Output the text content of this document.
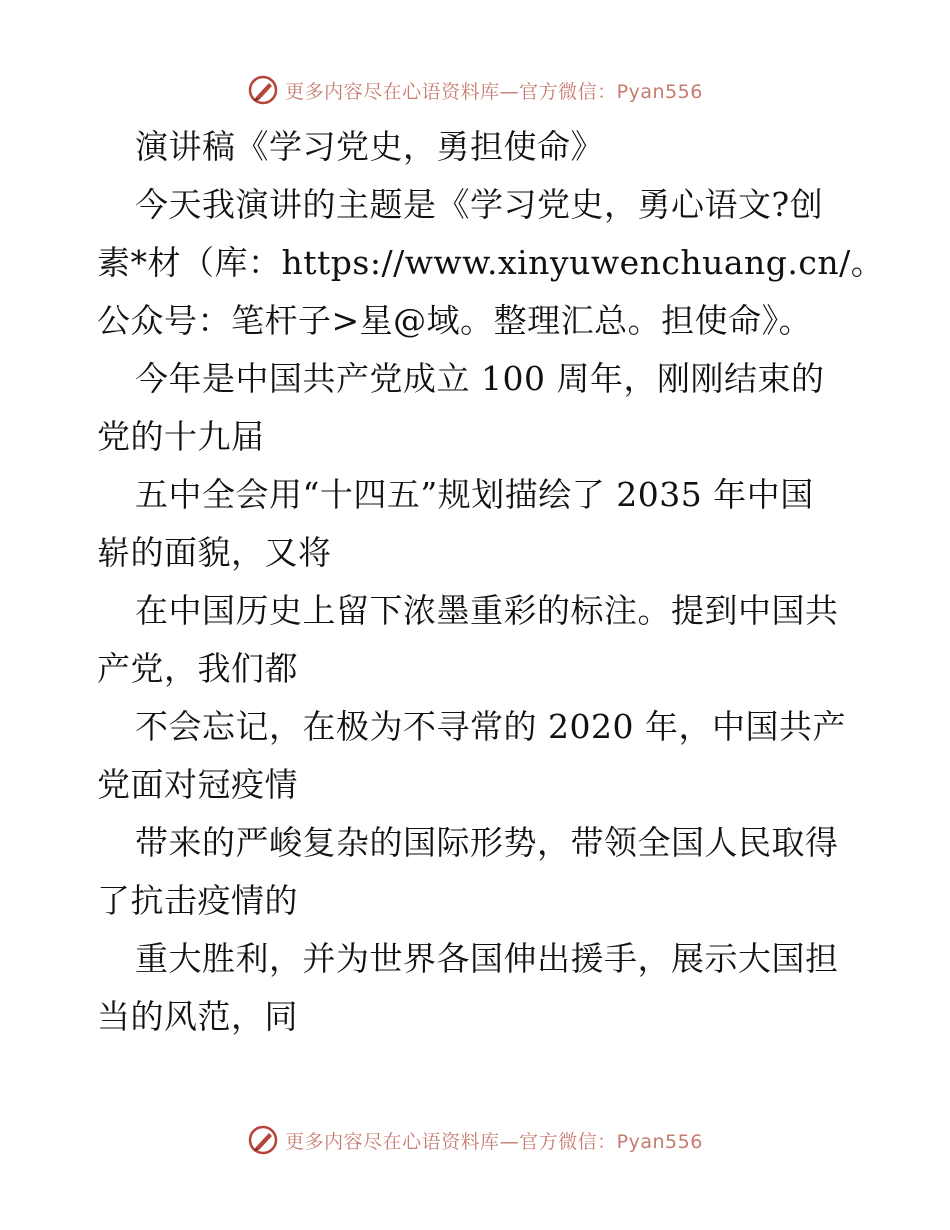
更多内容尽在心语资料库—官方微信：Pyan556
演讲稿《学习党史，勇担使命》
今天我演讲的主题是《学习党史，勇心语文?创
素*材（库：https://www.xinyuwenchuang.cn/。
公众号：笔杆子>星@域。整理汇总。担使命》。
今年是中国共产党成立 100 周年，刚刚结束的
党的十九届
五中全会用“十四五”规划描绘了 2035 年中国
崭的面貌，又将
在中国历史上留下浓墨重彩的标注。提到中国共
产党，我们都
不会忘记，在极为不寻常的 2020 年，中国共产
党面对冠疫情
带来的严峻复杂的国际形势，带领全国人民取得
了抗击疫情的
重大胜利，并为世界各国伸出援手，展示大国担
当的风范，同
更多内容尽在心语资料库—官方微信：Pyan556
